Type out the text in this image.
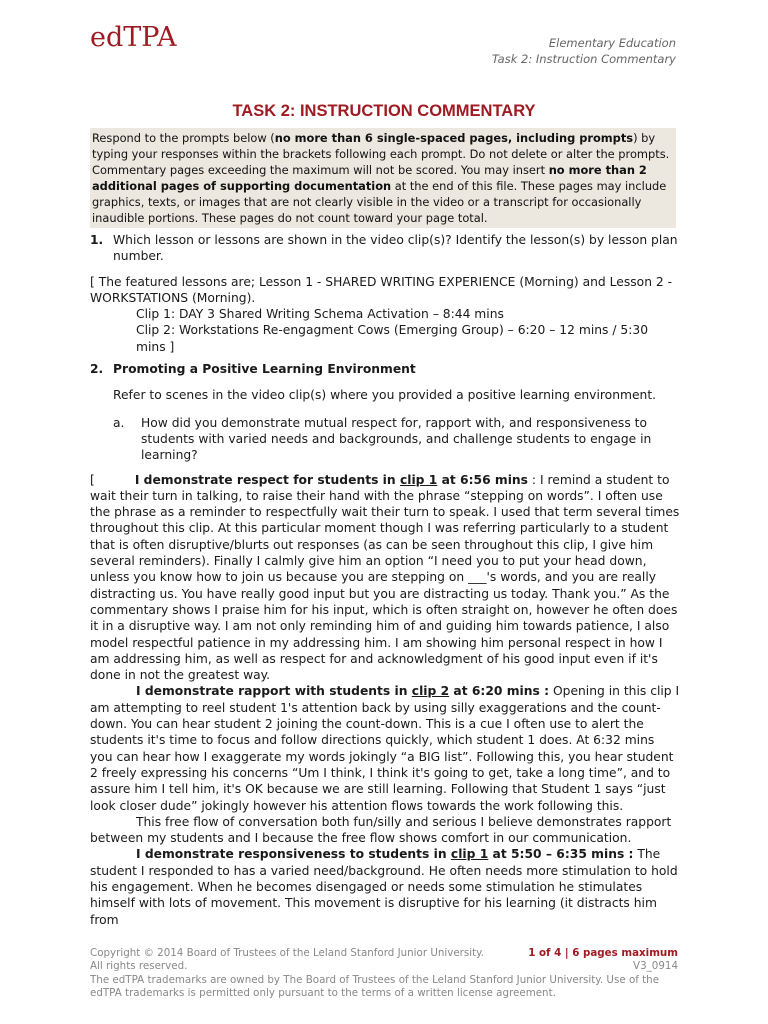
edTPA	Elementary Education
Task 2: Instruction Commentary
TASK 2: INSTRUCTION COMMENTARY
Respond to the prompts below (no more than 6 single-spaced pages, including prompts) by typing your responses within the brackets following each prompt. Do not delete or alter the prompts. Commentary pages exceeding the maximum will not be scored. You may insert no more than 2 additional pages of supporting documentation at the end of this file. These pages may include graphics, texts, or images that are not clearly visible in the video or a transcript for occasionally inaudible portions. These pages do not count toward your page total.
1. Which lesson or lessons are shown in the video clip(s)? Identify the lesson(s) by lesson plan number.
[ The featured lessons are; Lesson 1 - SHARED WRITING EXPERIENCE (Morning) and Lesson 2 - WORKSTATIONS (Morning).
Clip 1: DAY 3 Shared Writing Schema Activation – 8:44 mins
Clip 2: Workstations Re-engagment Cows (Emerging Group) – 6:20 – 12 mins / 5:30 mins ]
2. Promoting a Positive Learning Environment
Refer to scenes in the video clip(s) where you provided a positive learning environment.
a.	How did you demonstrate mutual respect for, rapport with, and responsiveness to students with varied needs and backgrounds, and challenge students to engage in learning?
[	I demonstrate respect for students in clip 1 at 6:56 mins : I remind a student to wait their turn in talking, to raise their hand with the phrase “stepping on words”. I often use the phrase as a reminder to respectfully wait their turn to speak. I used that term several times throughout this clip. At this particular moment though I was referring particularly to a student that is often disruptive/blurts out responses (as can be seen throughout this clip, I give him several reminders). Finally I calmly give him an option “I need you to put your head down, unless you know how to join us because you are stepping on ___'s words, and you are really distracting us. You have really good input but you are distracting us today. Thank you.” As the commentary shows I praise him for his input, which is often straight on, however he often does it in a disruptive way. I am not only reminding him of and guiding him towards patience, I also model respectful patience in my addressing him. I am showing him personal respect in how I am addressing him, as well as respect for and acknowledgment of his good input even if it's done in not the greatest way.
I demonstrate rapport with students in clip 2 at 6:20 mins : Opening in this clip I am attempting to reel student 1's attention back by using silly exaggerations and the count-down. You can hear student 2 joining the count-down. This is a cue I often use to alert the students it's time to focus and follow directions quickly, which student 1 does. At 6:32 mins you can hear how I exaggerate my words jokingly “a BIG list”. Following this, you hear student 2 freely expressing his concerns “Um I think, I think it's going to get, take a long time”, and to assure him I tell him, it's OK because we are still learning. Following that Student 1 says “just look closer dude” jokingly however his attention flows towards the work following this.
This free flow of conversation both fun/silly and serious I believe demonstrates rapport between my students and I because the free flow shows comfort in our communication.
I demonstrate responsiveness to students in clip 1 at 5:50 – 6:35 mins : The student I responded to has a varied need/background. He often needs more stimulation to hold his engagement. When he becomes disengaged or needs some stimulation he stimulates himself with lots of movement. This movement is disruptive for his learning (it distracts him from
Copyright © 2014 Board of Trustees of the Leland Stanford Junior University.	1 of 4 | 6 pages maximum
All rights reserved.	V3_0914
The edTPA trademarks are owned by The Board of Trustees of the Leland Stanford Junior University. Use of the edTPA trademarks is permitted only pursuant to the terms of a written license agreement.
